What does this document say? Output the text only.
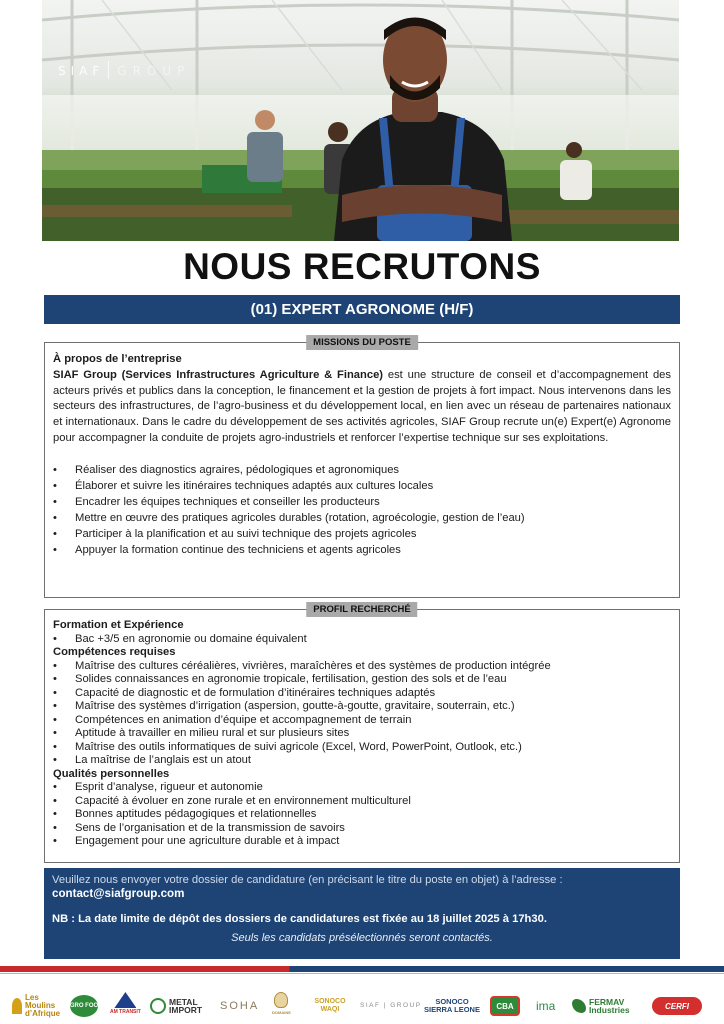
SIAF GROUP
NOUS RECRUTONS
(01) EXPERT AGRONOME (H/F)
MISSIONS DU POSTE
À propos de l’entreprise

SIAF Group (Services Infrastructures Agriculture & Finance) est une structure de conseil et d’accompagnement des acteurs privés et publics dans la conception, le financement et la gestion de projets à fort impact. Nous intervenons dans les secteurs des infrastructures, de l’agro-business et du développement local, en lien avec un réseau de partenaires nationaux et internationaux. Dans le cadre du développement de ses activités agricoles, SIAF Group recrute un(e) Expert(e) Agronome pour accompagner la conduite de projets agro-industriels et renforcer l’expertise technique sur ses exploitations.

• Réaliser des diagnostics agraires, pédologiques et agronomiques
• Élaborer et suivre les itinéraires techniques adaptés aux cultures locales
• Encadrer les équipes techniques et conseiller les producteurs
• Mettre en œuvre des pratiques agricoles durables (rotation, agroécologie, gestion de l’eau)
• Participer à la planification et au suivi technique des projets agricoles
• Appuyer la formation continue des techniciens et agents agricoles
PROFIL RECHERCHÉ
Formation et Expérience
• Bac +3/5 en agronomie ou domaine équivalent
Compétences requises
• Maîtrise des cultures céréalières, vivrières, maraîchères et des systèmes de production intégrée
• Solides connaissances en agronomie tropicale, fertilisation, gestion des sols et de l’eau
• Capacité de diagnostic et de formulation d’itinéraires techniques adaptés
• Maîtrise des systèmes d’irrigation (aspersion, goutte-à-goutte, gravitaire, souterrain, etc.)
• Compétences en animation d’équipe et accompagnement de terrain
• Aptitude à travailler en milieu rural et sur plusieurs sites
• Maîtrise des outils informatiques de suivi agricole (Excel, Word, PowerPoint, Outlook, etc.)
• La maîtrise de l’anglais est un atout
Qualités personnelles
• Esprit d’analyse, rigueur et autonomie
• Capacité à évoluer en zone rurale et en environnement multiculturel
• Bonnes aptitudes pédagogiques et relationnelles
• Sens de l’organisation et de la transmission de savoirs
• Engagement pour une agriculture durable et à impact
Veuillez nous envoyer votre dossier de candidature (en précisant le titre du poste en objet) à l’adresse :
contact@siafgroup.com
NB : La date limite de dépôt des dossiers de candidatures est fixée au 18 juillet 2025 à 17h30.
Seuls les candidats présélectionnés seront contactés.
Les Moulins d’Afrique
AGRO FOOD
AM TRANSIT
METAL IMPORT	SOHA
DOMAINE
SONOCO WAQI
SIAF | GROUP	SONOCO SIERRA LEONE	CBA	ima	FERMAV Industries	CERFI
